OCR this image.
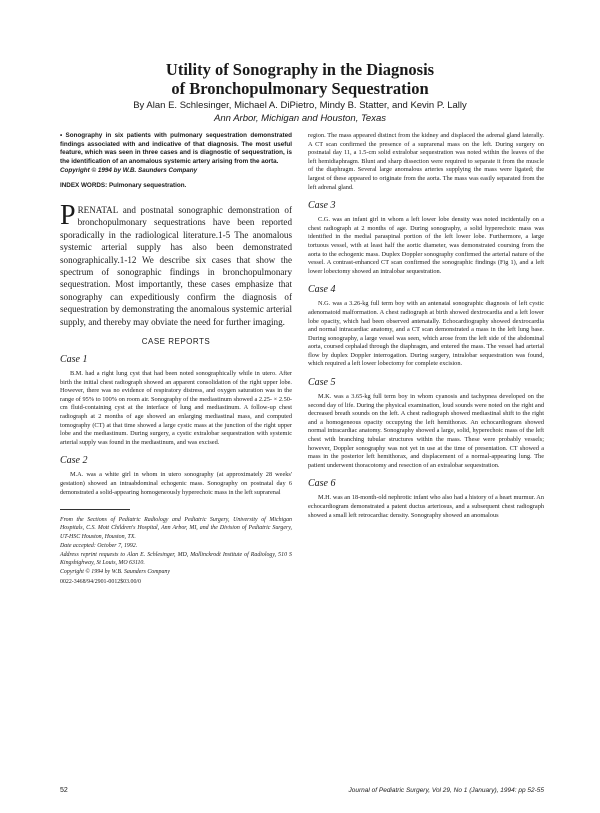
Utility of Sonography in the Diagnosis
of Bronchopulmonary Sequestration
By Alan E. Schlesinger, Michael A. DiPietro, Mindy B. Statter, and Kevin P. Lally
Ann Arbor, Michigan and Houston, Texas

• Sonography in six patients with pulmonary sequestration demonstrated findings associated with and indicative of that diagnosis. The most useful feature, which was seen in three cases and is diagnostic of sequestration, is the identification of an anomalous systemic artery arising from the aorta.

Copyright © 1994 by W.B. Saunders Company

INDEX WORDS: Pulmonary sequestration.

PRENATAL and postnatal sonographic demonstration of bronchopulmonary sequestrations have been reported sporadically in the radiological literature.1-5 The anomalous systemic arterial supply has also been demonstrated sonographically.1-12 We describe six cases that show the spectrum of sonographic findings in bronchopulmonary sequestration. Most importantly, these cases emphasize that sonography can expeditiously confirm the diagnosis of sequestration by demonstrating the anomalous systemic arterial supply, and thereby may obviate the need for further imaging.

CASE REPORTS
Case 1

B.M. had a right lung cyst that had been noted sonographically while in utero. After birth the initial chest radiograph showed an apparent consolidation of the right upper lobe. However, there was no evidence of respiratory distress, and oxygen saturation was in the range of 95% to 100% on room air. Sonography of the mediastinum showed a 2.25- × 2.50-cm fluid-containing cyst at the interface of lung and mediastinum. A follow-up chest radiograph at 2 months of age showed an enlarging mediastinal mass, and computed tomography (CT) at that time showed a large cystic mass at the junction of the right upper lobe and the mediastinum. During surgery, a cystic extralobar sequestration with systemic arterial supply was found in the mediastinum, and was excised.

Case 2

M.A. was a white girl in whom in utero sonography (at approximately 28 weeks' gestation) showed an intraabdominal echogenic mass. Sonography on postnatal day 6 demonstrated a solid-appearing homogeneously hyperechoic mass in the left suprarenal

From the Sections of Pediatric Radiology and Pediatric Surgery, University of Michigan Hospitals, C.S. Mott Children's Hospital, Ann Arbor, MI, and the Division of Pediatric Surgery, UT-HSC Houston, Houston, TX.

Date accepted: October 7, 1992.

Address reprint requests to Alan E. Schlesinger, MD, Mallinckrodt Institute of Radiology, 510 S Kingshighway, St Louis, MO 63110.

Copyright © 1994 by W.B. Saunders Company

0022-3468/94/2901-0012$03.00/0

region. The mass appeared distinct from the kidney and displaced the adrenal gland laterally. A CT scan confirmed the presence of a suprarenal mass on the left. During surgery on postnatal day 11, a 1.5-cm solid extralobar sequestration was noted within the leaves of the left hemidiaphragm. Blunt and sharp dissection were required to separate it from the muscle of the diaphragm. Several large anomalous arteries supplying the mass were ligated; the largest of these appeared to originate from the aorta. The mass was easily separated from the left adrenal gland.

Case 3

C.G. was an infant girl in whom a left lower lobe density was noted incidentally on a chest radiograph at 2 months of age. During sonography, a solid hyperechoic mass was identified in the medial paraspinal portion of the left lower lobe. Furthermore, a large tortuous vessel, with at least half the aortic diameter, was demonstrated coursing from the aorta to the echogenic mass. Duplex Doppler sonography confirmed the arterial nature of the vessel. A contrast-enhanced CT scan confirmed the sonographic findings (Fig 1), and a left lower lobectomy showed an intralobar sequestration.

Case 4

N.G. was a 3.26-kg full term boy with an antenatal sonographic diagnosis of left cystic adenomatoid malformation. A chest radiograph at birth showed dextrocardia and a left lower lobe opacity, which had been observed antenatally. Echocardiography showed dextrocardia and normal intracardiac anatomy, and a CT scan demonstrated a mass in the left lung base. During sonography, a large vessel was seen, which arose from the left side of the abdominal aorta, coursed cephalad through the diaphragm, and entered the mass. The vessel had arterial flow by duplex Doppler interrogation. During surgery, intralobar sequestration was found, which required a left lower lobectomy for complete excision.

Case 5

M.K. was a 3.65-kg full term boy in whom cyanosis and tachypnea developed on the second day of life. During the physical examination, loud sounds were noted on the right and decreased breath sounds on the left. A chest radiograph showed mediastinal shift to the right and a homogeneous opacity occupying the left hemithorax. An echocardiogram showed normal intracardiac anatomy. Sonography showed a large, solid, hyperechoic mass of the left chest with branching tubular structures within the mass. These were probably vessels; however, Doppler sonography was not yet in use at the time of presentation. CT showed a mass in the posterior left hemithorax, and displacement of a normal-appearing lung. The patient underwent thoracotomy and resection of an extralobar sequestration.

Case 6

M.H. was an 18-month-old nephrotic infant who also had a history of a heart murmur. An echocardiogram demonstrated a patent ductus arteriosus, and a subsequent chest radiograph showed a small left retrocardiac density. Sonography showed an anomalous

52	Journal of Pediatric Surgery, Vol 29, No 1 (January), 1994: pp 52-55
